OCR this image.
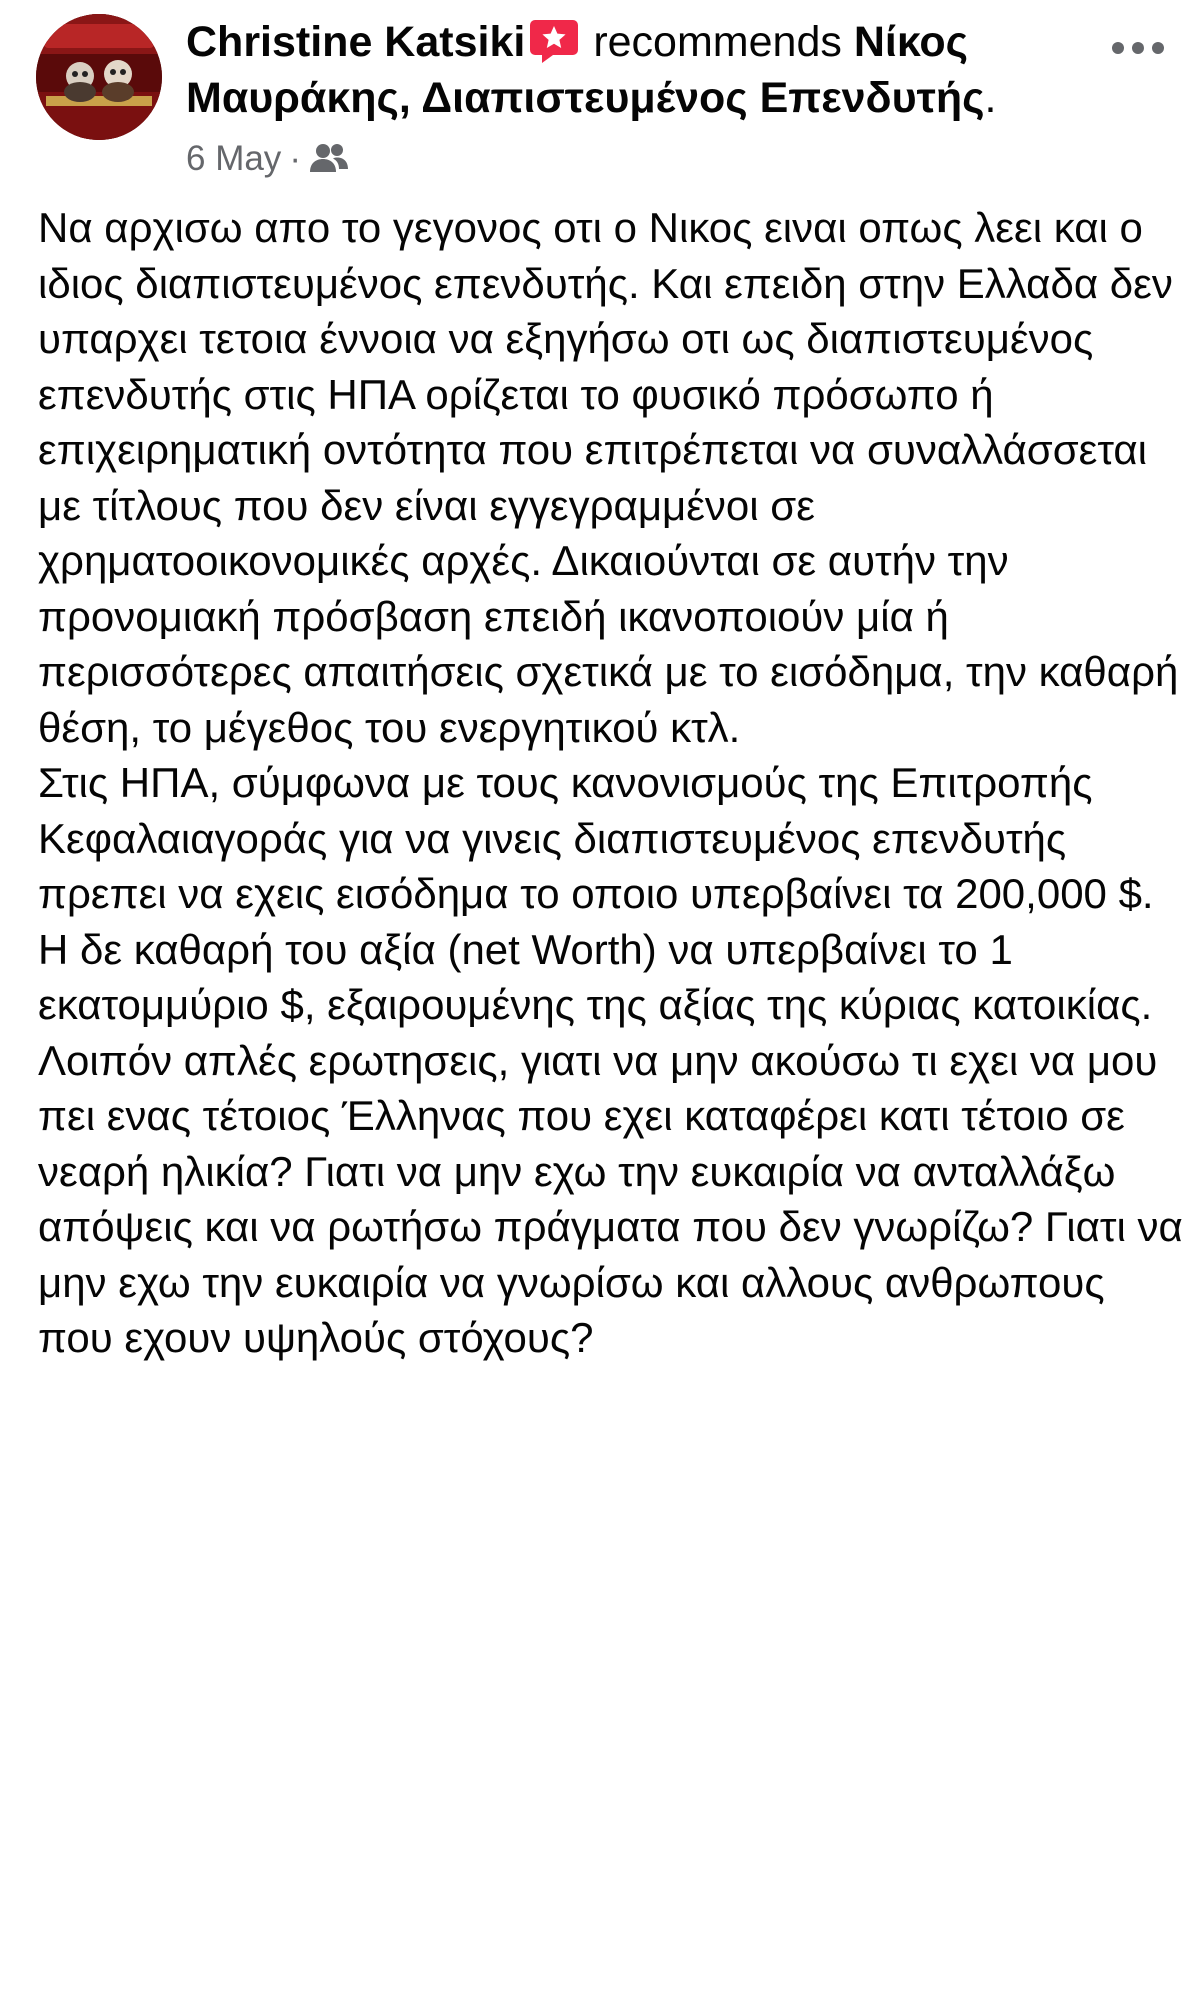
Christine Katsiki recommends Νίκος Μαυράκης, Διαπιστευμένος Επενδυτής.
6 May ·

Να αρχισω απο το γεγονος οτι ο Νικος ειναι οπως λεει και ο ιδιος διαπιστευμένος επενδυτής. Και επειδη στην Ελλαδα δεν υπαρχει τετοια έννοια να εξηγήσω οτι ως διαπιστευμένος επενδυτής στις ΗΠΑ ορίζεται το φυσικό πρόσωπο ή επιχειρηματική οντότητα που επιτρέπεται να συναλλάσσεται με τίτλους που δεν είναι εγγεγραμμένοι σε χρηματοοικονομικές αρχές. Δικαιούνται σε αυτήν την προνομιακή πρόσβαση επειδή ικανοποιούν μία ή περισσότερες απαιτήσεις σχετικά με το εισόδημα, την καθαρή θέση, το μέγεθος του ενεργητικού κτλ.

Στις ΗΠΑ, σύμφωνα με τους κανονισμούς της Επιτροπής Κεφαλαιαγοράς για να γινεις διαπιστευμένος επενδυτής πρεπει να εχεις εισόδημα το οποιο υπερβαίνει τα 200,000 $. Η δε καθαρή του αξία (net Worth) να υπερβαίνει το 1 εκατομμύριο $, εξαιρουμένης της αξίας της κύριας κατοικίας.

Λοιπόν απλές ερωτησεις, γιατι να μην ακούσω τι εχει να μου πει ενας τέτοιος Έλληνας που εχει καταφέρει κατι τέτοιο σε νεαρή ηλικία? Γιατι να μην εχω την ευκαιρία να ανταλλάξω απόψεις και να ρωτήσω πράγματα που δεν γνωρίζω? Γιατι να μην εχω την ευκαιρία να γνωρίσω και αλλους ανθρωπους που εχουν υψηλούς στόχους?
